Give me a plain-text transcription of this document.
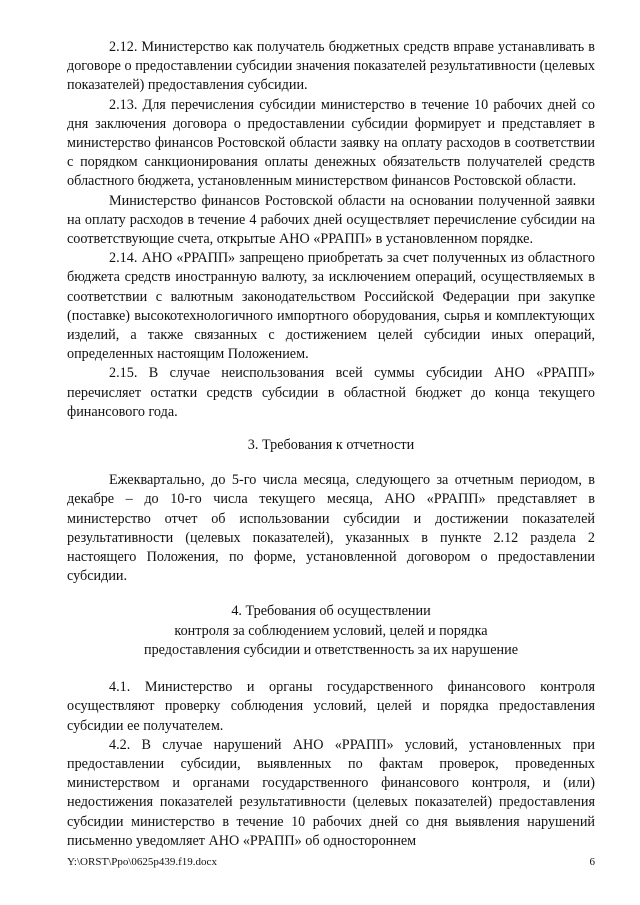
2.12. Министерство как получатель бюджетных средств вправе устанавливать в договоре о предоставлении субсидии значения показателей результативности (целевых показателей) предоставления субсидии.

2.13. Для перечисления субсидии министерство в течение 10 рабочих дней со дня заключения договора о предоставлении субсидии формирует и представляет в министерство финансов Ростовской области заявку на оплату расходов в соответствии с порядком санкционирования оплаты денежных обязательств получателей средств областного бюджета, установленным министерством финансов Ростовской области.

Министерство финансов Ростовской области на основании полученной заявки на оплату расходов в течение 4 рабочих дней осуществляет перечисление субсидии на соответствующие счета, открытые АНО «РРАПП» в установленном порядке.

2.14. АНО «РРАПП» запрещено приобретать за счет полученных из областного бюджета средств иностранную валюту, за исключением операций, осуществляемых в соответствии с валютным законодательством Российской Федерации при закупке (поставке) высокотехнологичного импортного оборудования, сырья и комплектующих изделий, а также связанных с достижением целей субсидии иных операций, определенных настоящим Положением.

2.15. В случае неиспользования всей суммы субсидии АНО «РРАПП» перечисляет остатки средств субсидии в областной бюджет до конца текущего финансового года.

3. Требования к отчетности

Ежеквартально, до 5-го числа месяца, следующего за отчетным периодом, в декабре – до 10-го числа текущего месяца, АНО «РРАПП» представляет в министерство отчет об использовании субсидии и достижении показателей результативности (целевых показателей), указанных в пункте 2.12 раздела 2 настоящего Положения, по форме, установленной договором о предоставлении субсидии.

4. Требования об осуществлении
контроля за соблюдением условий, целей и порядка
предоставления субсидии и ответственность за их нарушение

4.1. Министерство и органы государственного финансового контроля осуществляют проверку соблюдения условий, целей и порядка предоставления субсидии ее получателем.

4.2. В случае нарушений АНО «РРАПП» условий, установленных при предоставлении субсидии, выявленных по фактам проверок, проведенных министерством и органами государственного финансового контроля, и (или) недостижения показателей результативности (целевых показателей) предоставления субсидии министерство в течение 10 рабочих дней со дня выявления нарушений письменно уведомляет АНО «РРАПП» об одностороннем

Y:\ORST\Ppo\0625p439.f19.docx	6
